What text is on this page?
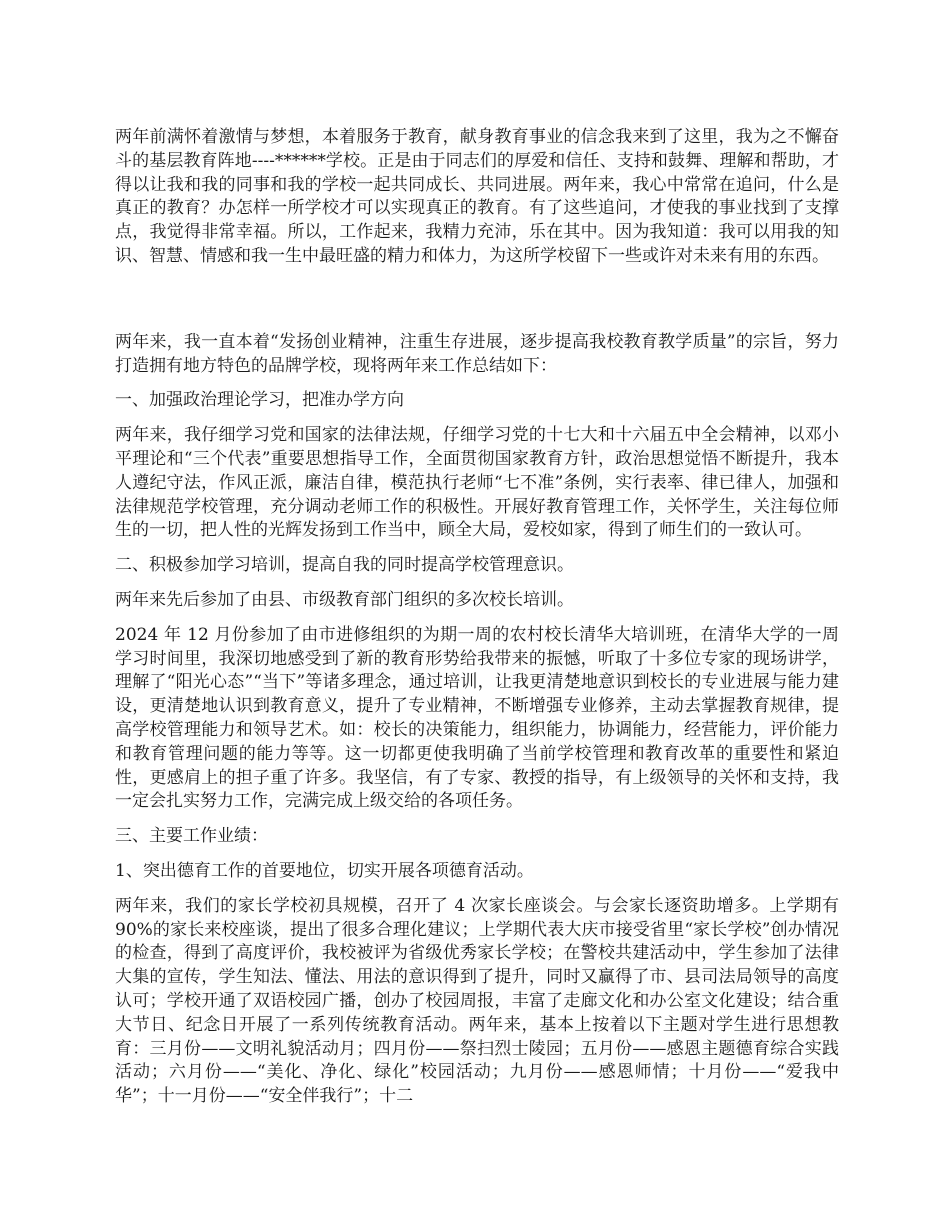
两年前满怀着激情与梦想，本着服务于教育，献身教育事业的信念我来到了这里，我为之不懈奋斗的基层教育阵地----******学校。正是由于同志们的厚爱和信任、支持和鼓舞、理解和帮助，才得以让我和我的同事和我的学校一起共同成长、共同进展。两年来，我心中常常在追问，什么是真正的教育？办怎样一所学校才可以实现真正的教育。有了这些追问，才使我的事业找到了支撑点，我觉得非常幸福。所以，工作起来，我精力充沛，乐在其中。因为我知道：我可以用我的知识、智慧、情感和我一生中最旺盛的精力和体力，为这所学校留下一些或许对未来有用的东西。

两年来，我一直本着“发扬创业精神，注重生存进展，逐步提高我校教育教学质量”的宗旨，努力打造拥有地方特色的品牌学校，现将两年来工作总结如下：

一、加强政治理论学习，把准办学方向

两年来，我仔细学习党和国家的法律法规，仔细学习党的十七大和十六届五中全会精神，以邓小平理论和“三个代表”重要思想指导工作，全面贯彻国家教育方针，政治思想觉悟不断提升，我本人遵纪守法，作风正派，廉洁自律，模范执行老师“七不准”条例，实行表率、律已律人，加强和法律规范学校管理，充分调动老师工作的积极性。开展好教育管理工作，关怀学生，关注每位师生的一切，把人性的光辉发扬到工作当中，顾全大局，爱校如家，得到了师生们的一致认可。

二、积极参加学习培训，提高自我的同时提高学校管理意识。

两年来先后参加了由县、市级教育部门组织的多次校长培训。

2024 年 12 月份参加了由市进修组织的为期一周的农村校长清华大培训班，在清华大学的一周学习时间里，我深切地感受到了新的教育形势给我带来的振憾，听取了十多位专家的现场讲学，理解了“阳光心态”“当下”等诸多理念，通过培训，让我更清楚地意识到校长的专业进展与能力建设，更清楚地认识到教育意义，提升了专业精神，不断增强专业修养，主动去掌握教育规律，提高学校管理能力和领导艺术。如：校长的决策能力，组织能力，协调能力，经营能力，评价能力和教育管理问题的能力等等。这一切都更使我明确了当前学校管理和教育改革的重要性和紧迫性，更感肩上的担子重了许多。我坚信，有了专家、教授的指导，有上级领导的关怀和支持，我一定会扎实努力工作，完满完成上级交给的各项任务。

三、主要工作业绩：

1、突出德育工作的首要地位，切实开展各项德育活动。

两年来，我们的家长学校初具规模，召开了 4 次家长座谈会。与会家长逐资助增多。上学期有 90%的家长来校座谈，提出了很多合理化建议；上学期代表大庆市接受省里“家长学校”创办情况的检查，得到了高度评价，我校被评为省级优秀家长学校；在警校共建活动中，学生参加了法律大集的宣传，学生知法、懂法、用法的意识得到了提升，同时又赢得了市、县司法局领导的高度认可；学校开通了双语校园广播，创办了校园周报，丰富了走廊文化和办公室文化建设；结合重大节日、纪念日开展了一系列传统教育活动。两年来，基本上按着以下主题对学生进行思想教育：三月份——文明礼貌活动月；四月份——祭扫烈士陵园；五月份——感恩主题德育综合实践活动；六月份——“美化、净化、绿化”校园活动；九月份——感恩师情；十月份——“爱我中华”；十一月份——“安全伴我行”；十二
